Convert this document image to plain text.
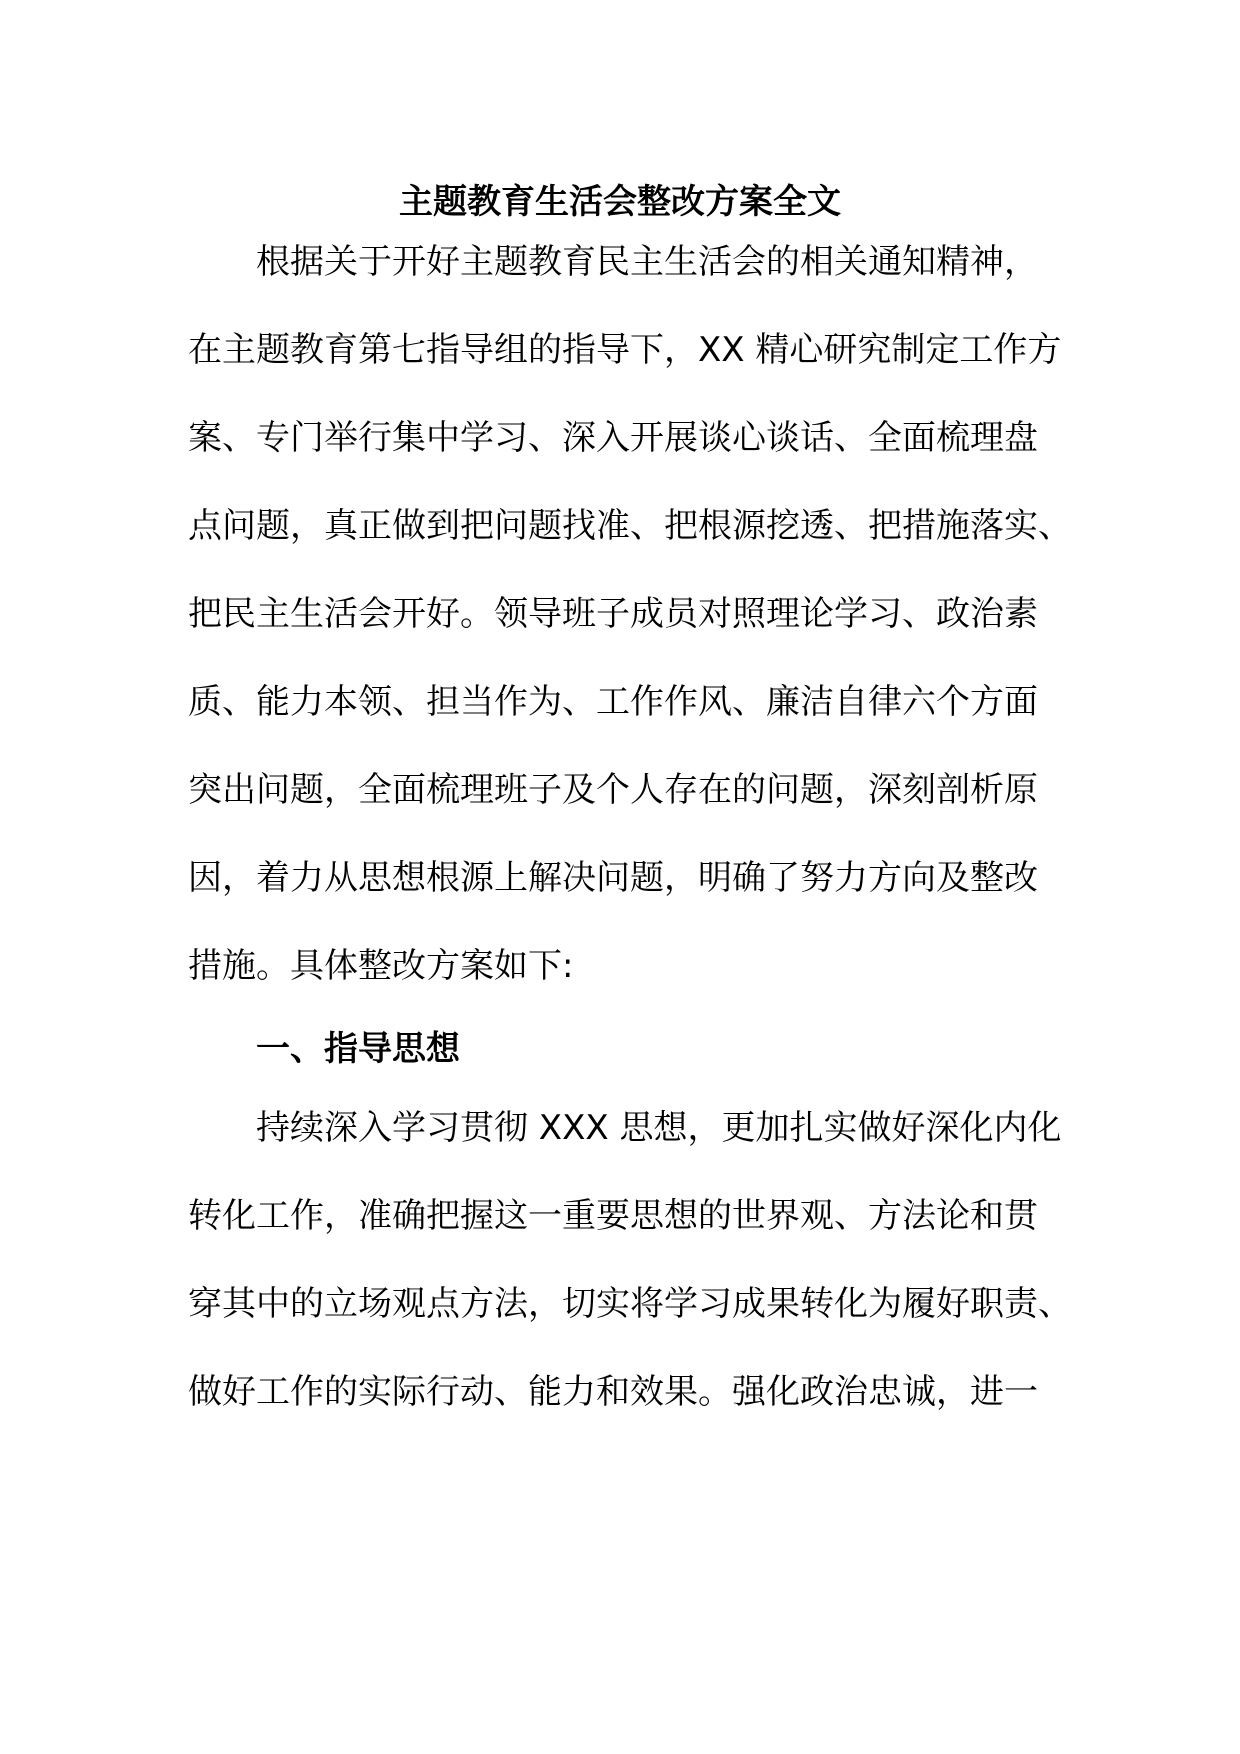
主题教育生活会整改方案全文
根据关于开好主题教育民主生活会的相关通知精神，
在主题教育第七指导组的指导下，XX 精心研究制定工作方
案、专门举行集中学习、深入开展谈心谈话、全面梳理盘
点问题，真正做到把问题找准、把根源挖透、把措施落实、
把民主生活会开好。领导班子成员对照理论学习、政治素
质、能力本领、担当作为、工作作风、廉洁自律六个方面
突出问题，全面梳理班子及个人存在的问题，深刻剖析原
因，着力从思想根源上解决问题，明确了努力方向及整改
措施。具体整改方案如下:
一、指导思想
持续深入学习贯彻 XXX 思想，更加扎实做好深化内化
转化工作，准确把握这一重要思想的世界观、方法论和贯
穿其中的立场观点方法，切实将学习成果转化为履好职责、
做好工作的实际行动、能力和效果。强化政治忠诚，进一
